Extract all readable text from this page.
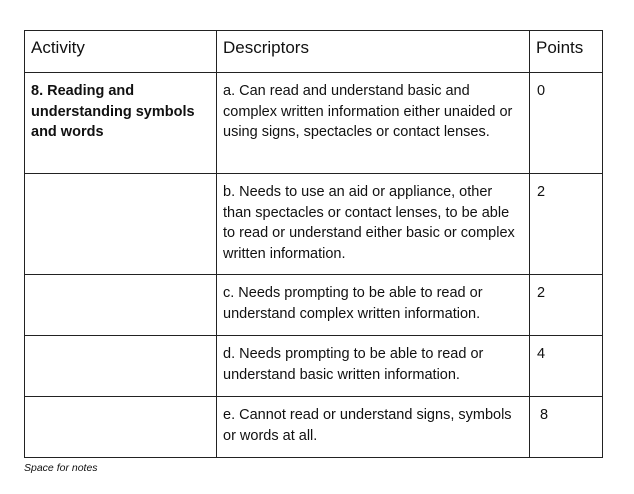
Activity	Descriptors	Points
8. Reading and understanding symbols and words	a. Can read and understand basic and complex written information either unaided or using signs, spectacles or contact lenses.	0
	b. Needs to use an aid or appliance, other than spectacles or contact lenses, to be able to read or understand either basic or complex written information.	2
	c. Needs prompting to be able to read or understand complex written information.	2
	d. Needs prompting to be able to read or understand basic written information.	4
	e. Cannot read or understand signs, symbols or words at all.	8
Space for notes
